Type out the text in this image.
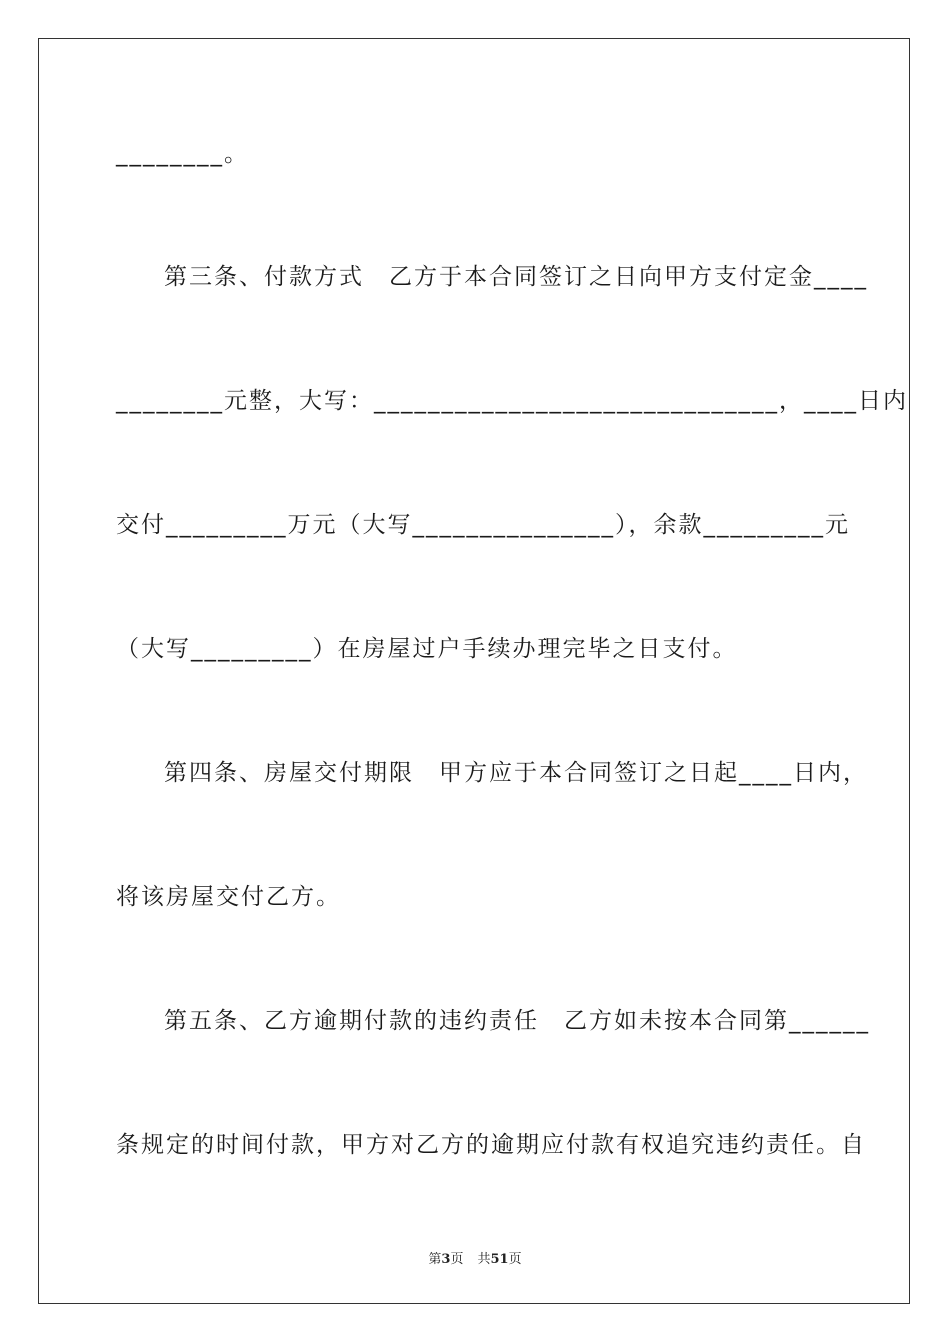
________。
第三条、付款方式　乙方于本合同签订之日向甲方支付定金____
________元整，大写：______________________________，____日内
交付_________万元（大写_______________），余款_________元
（大写_________）在房屋过户手续办理完毕之日支付。
第四条、房屋交付期限　甲方应于本合同签订之日起____日内，
将该房屋交付乙方。
第五条、乙方逾期付款的违约责任　乙方如未按本合同第______
条规定的时间付款，甲方对乙方的逾期应付款有权追究违约责任。自
第3页 共51页
